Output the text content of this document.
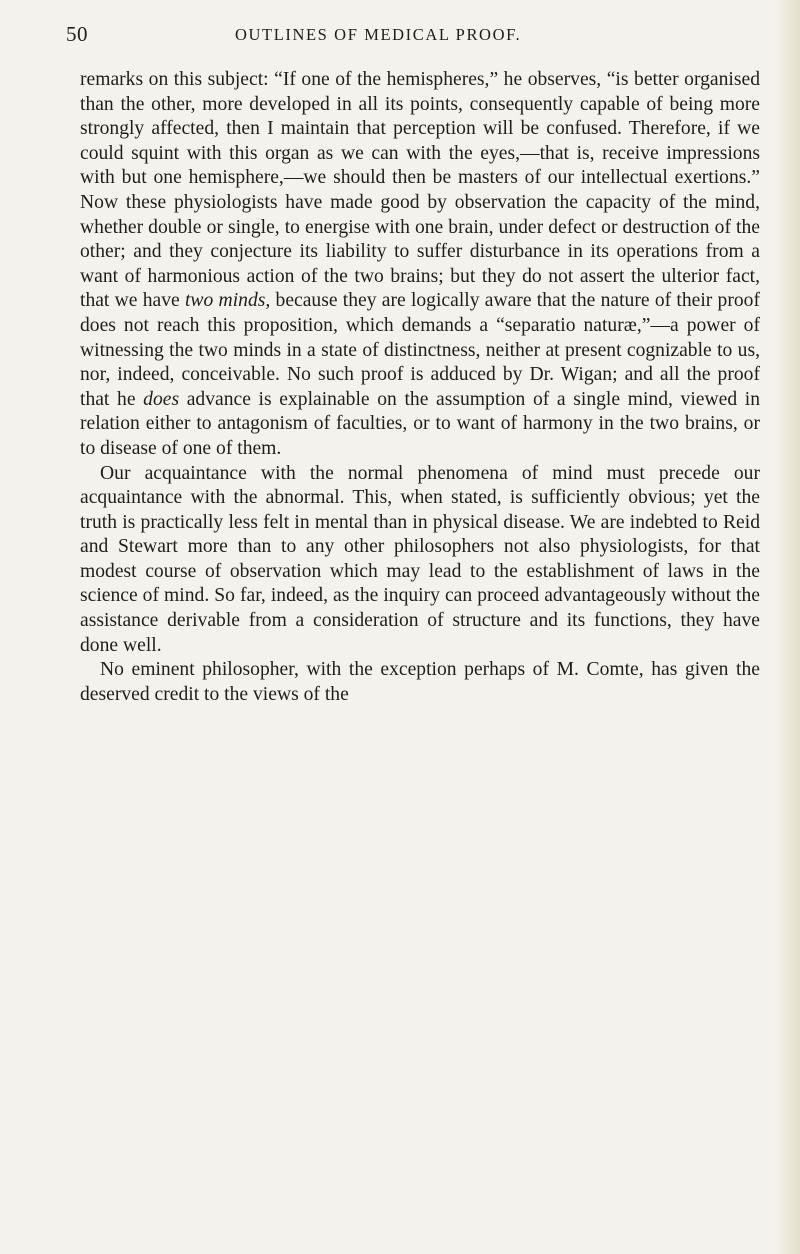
50	OUTLINES OF MEDICAL PROOF.

remarks on this subject: “If one of the hemispheres,” he observes, “is better organised than the other, more developed in all its points, consequently capable of being more strongly affected, then I maintain that perception will be confused. Therefore, if we could squint with this organ as we can with the eyes,—that is, receive impressions with but one hemisphere,—we should then be masters of our intellectual exertions.” Now these physiologists have made good by observation the capacity of the mind, whether double or single, to energise with one brain, under defect or destruction of the other; and they conjecture its liability to suffer disturbance in its operations from a want of harmonious action of the two brains; but they do not assert the ulterior fact, that we have two minds, because they are logically aware that the nature of their proof does not reach this proposition, which demands a “separatio naturæ,”—a power of witnessing the two minds in a state of distinctness, neither at present cognizable to us, nor, indeed, conceivable. No such proof is adduced by Dr. Wigan; and all the proof that he does advance is explainable on the assumption of a single mind, viewed in relation either to antagonism of faculties, or to want of harmony in the two brains, or to disease of one of them.

Our acquaintance with the normal phenomena of mind must precede our acquaintance with the abnormal. This, when stated, is sufficiently obvious; yet the truth is practically less felt in mental than in physical disease. We are indebted to Reid and Stewart more than to any other philosophers not also physiologists, for that modest course of observation which may lead to the establishment of laws in the science of mind. So far, indeed, as the inquiry can proceed advantageously without the assistance derivable from a consideration of structure and its functions, they have done well.

No eminent philosopher, with the exception perhaps of M. Comte, has given the deserved credit to the views of the
